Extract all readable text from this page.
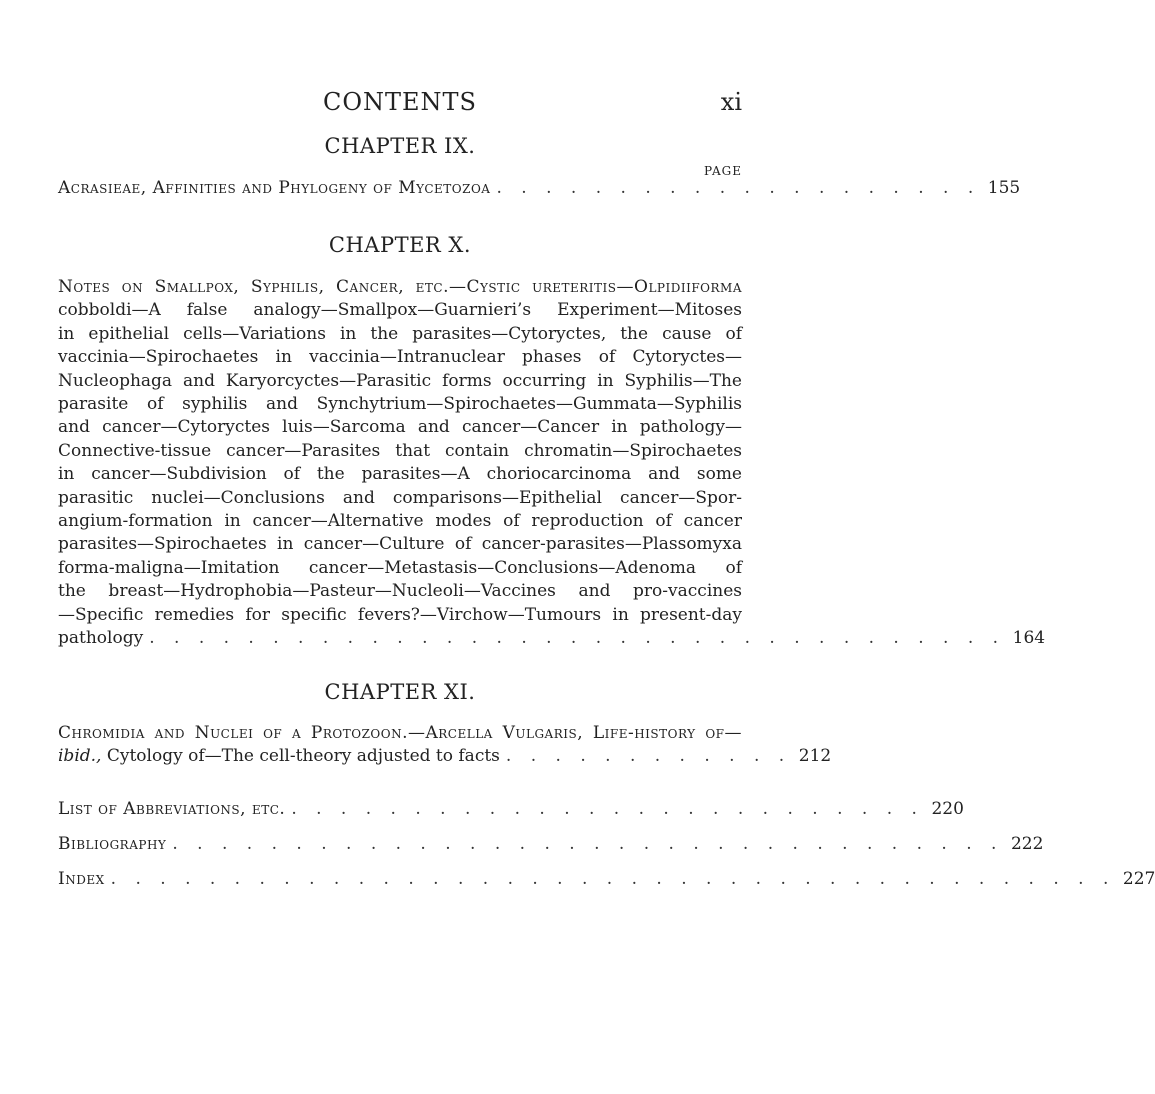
CONTENTS	xi
CHAPTER IX.
PAGE
Acrasieae, Affinities and Phylogeny of Mycetozoa . . . . . . . . . . . . . . . . . . . . 155
CHAPTER X.
Notes on Smallpox, Syphilis, Cancer, etc.—Cystic ureteritis—Olpidiiforma
cobboldi—A false analogy—Smallpox—Guarnieri’s Experiment—Mitoses
in epithelial cells—Variations in the parasites—Cytoryctes, the cause of
vaccinia—Spirochaetes in vaccinia—Intranuclear phases of Cytoryctes—
Nucleophaga and Karyorcyctes—Parasitic forms occurring in Syphilis—The
parasite of syphilis and Synchytrium—Spirochaetes—Gummata—Syphilis
and cancer—Cytoryctes luis—Sarcoma and cancer—Cancer in pathology—
Connective-tissue cancer—Parasites that contain chromatin—Spirochaetes
in cancer—Subdivision of the parasites—A choriocarcinoma and some
parasitic nuclei—Conclusions and comparisons—Epithelial cancer—Spor-
angium-formation in cancer—Alternative modes of reproduction of cancer
parasites—Spirochaetes in cancer—Culture of cancer-parasites—Plassomyxa
forma-maligna—Imitation cancer—Metastasis—Conclusions—Adenoma of
the breast—Hydrophobia—Pasteur—Nucleoli—Vaccines and pro-vaccines
—Specific remedies for specific fevers?—Virchow—Tumours in present-day
pathology . . . . . . . . . . . . . . . . . . . . . . . . . . . . . . . . . . . 164
CHAPTER XI.
Chromidia and Nuclei of a Protozoon.—Arcella Vulgaris, Life-history of—
ibid., Cytology of—The cell-theory adjusted to facts . . . . . . . . . . . . 212
List of Abbreviations, etc. . . . . . . . . . . . . . . . . . . . . . . . . . . 220
Bibliography . . . . . . . . . . . . . . . . . . . . . . . . . . . . . . . . . . 222
Index . . . . . . . . . . . . . . . . . . . . . . . . . . . . . . . . . . . . . . . . . 227
